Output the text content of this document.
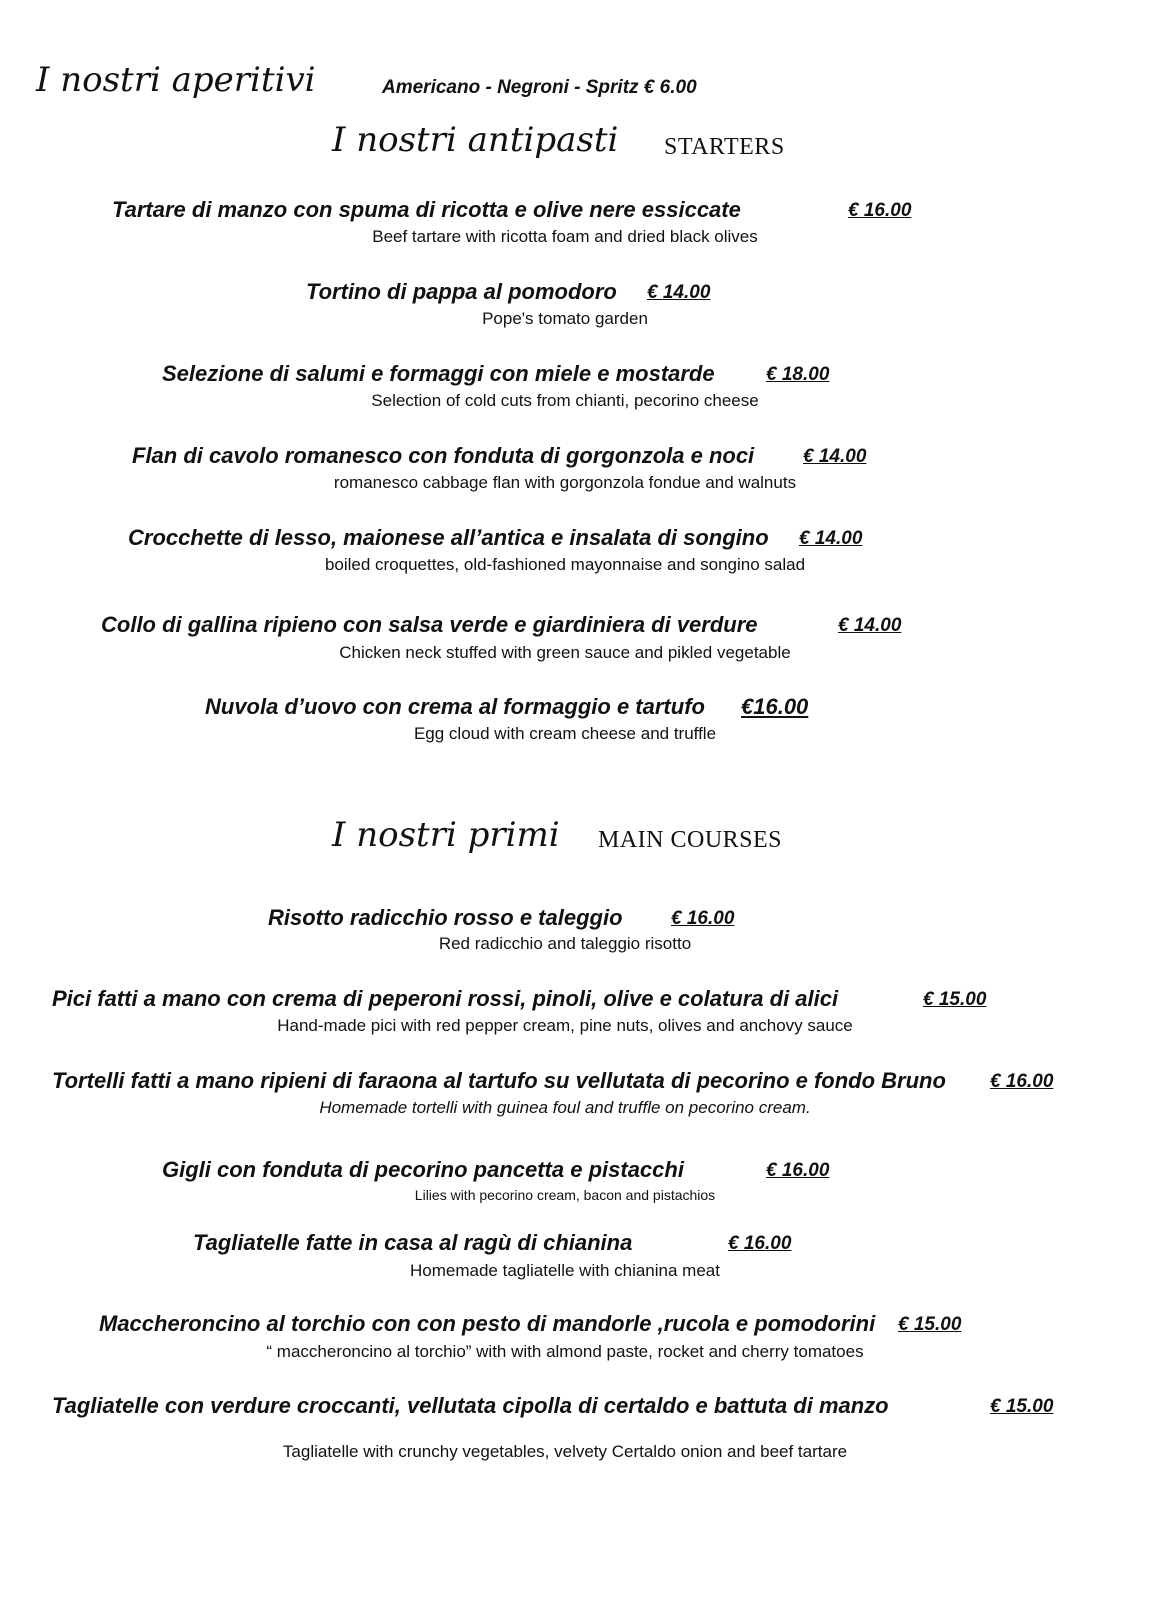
I nostri aperitivi	Americano - Negroni - Spritz € 6.00
I nostri antipasti STARTERS
Tartare di manzo con spuma di ricotta e olive nere essiccate	€ 16.00
Beef tartare with ricotta foam and dried black olives
Tortino di pappa al pomodoro € 14.00
Pope's tomato garden
Selezione di salumi e formaggi con miele e mostarde	€ 18.00
Selection of cold cuts from chianti, pecorino cheese
Flan di cavolo romanesco con fonduta di gorgonzola e noci	€ 14.00
romanesco cabbage flan with gorgonzola fondue and walnuts
Crocchette di lesso, maionese all’antica e insalata di songino € 14.00
boiled croquettes, old-fashioned mayonnaise and songino salad
Collo di gallina ripieno con salsa verde e giardiniera di verdure	€ 14.00
Chicken neck stuffed with green sauce and pikled vegetable
Nuvola d’uovo con crema al formaggio e tartufo €16.00
Egg cloud with cream cheese and truffle
I nostri primi MAIN COURSES
Risotto radicchio rosso e taleggio	€ 16.00
Red radicchio and taleggio risotto
Pici fatti a mano con crema di peperoni rossi, pinoli, olive e colatura di alici	€ 15.00
Hand-made pici with red pepper cream, pine nuts, olives and anchovy sauce
Tortelli fatti a mano ripieni di faraona al tartufo su vellutata di pecorino e fondo Bruno € 16.00
Homemade tortelli with guinea foul and truffle on pecorino cream.
Gigli con fonduta di pecorino pancetta e pistacchi	€ 16.00
Lilies with pecorino cream, bacon and pistachios
Tagliatelle fatte in casa al ragù di chianina	€ 16.00
Homemade tagliatelle with chianina meat
Maccheroncino al torchio con con pesto di mandorle ,rucola e pomodorini € 15.00
“ maccheroncino al torchio” with with almond paste, rocket and cherry tomatoes
Tagliatelle con verdure croccanti, vellutata cipolla di certaldo e battuta di manzo	€ 15.00
Tagliatelle with crunchy vegetables, velvety Certaldo onion and beef tartare
